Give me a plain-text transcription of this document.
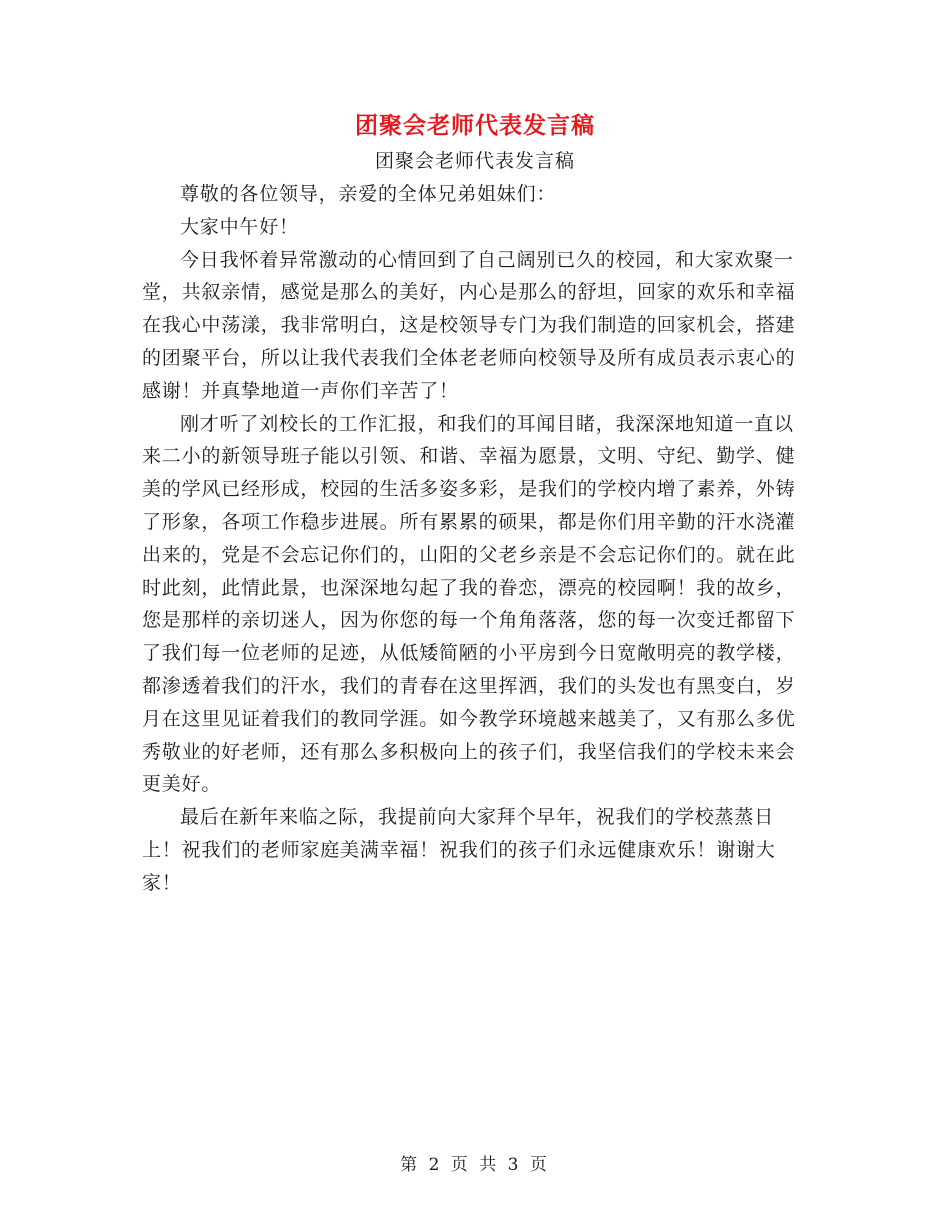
团聚会老师代表发言稿
团聚会老师代表发言稿

尊敬的各位领导，亲爱的全体兄弟姐妹们：

大家中午好！

今日我怀着异常激动的心情回到了自己阔别已久的校园，和大家欢聚一堂，共叙亲情，感觉是那么的美好，内心是那么的舒坦，回家的欢乐和幸福在我心中荡漾，我非常明白，这是校领导专门为我们制造的回家机会，搭建的团聚平台，所以让我代表我们全体老老师向校领导及所有成员表示衷心的感谢！并真挚地道一声你们辛苦了！

刚才听了刘校长的工作汇报，和我们的耳闻目睹，我深深地知道一直以来二小的新领导班子能以引领、和谐、幸福为愿景，文明、守纪、勤学、健美的学风已经形成，校园的生活多姿多彩，是我们的学校内增了素养，外铸了形象，各项工作稳步进展。所有累累的硕果，都是你们用辛勤的汗水浇灌出来的，党是不会忘记你们的，山阳的父老乡亲是不会忘记你们的。就在此时此刻，此情此景，也深深地勾起了我的眷恋，漂亮的校园啊！我的故乡，您是那样的亲切迷人，因为你您的每一个角角落落，您的每一次变迁都留下了我们每一位老师的足迹，从低矮简陋的小平房到今日宽敞明亮的教学楼，都渗透着我们的汗水，我们的青春在这里挥洒，我们的头发也有黑变白，岁月在这里见证着我们的教同学涯。如今教学环境越来越美了，又有那么多优秀敬业的好老师，还有那么多积极向上的孩子们，我坚信我们的学校未来会更美好。

最后在新年来临之际，我提前向大家拜个早年，祝我们的学校蒸蒸日上！祝我们的老师家庭美满幸福！祝我们的孩子们永远健康欢乐！谢谢大家！

第 2 页 共 3 页
